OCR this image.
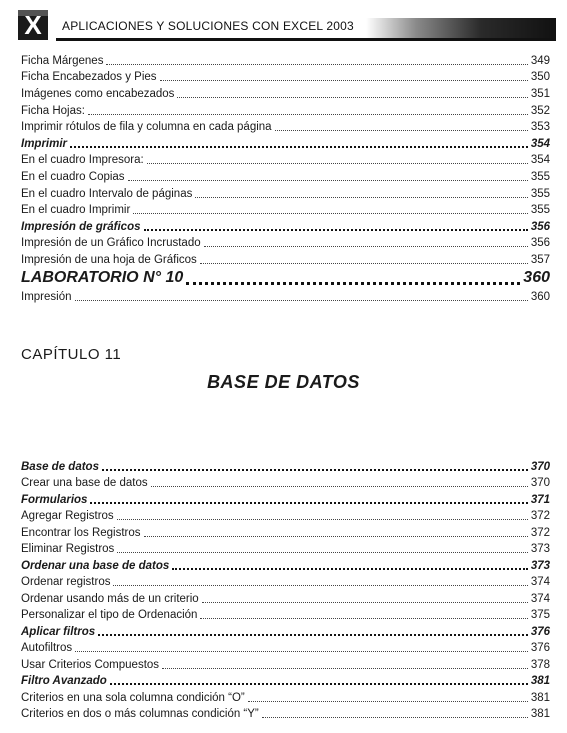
X APLICACIONES Y SOLUCIONES CON EXCEL 2003
Ficha Márgenes	349
Ficha Encabezados y Pies	350
Imágenes como encabezados	351
Ficha Hojas:	352
Imprimir rótulos de fila y columna en cada página	353
Imprimir	354
En el cuadro Impresora:	354
En el cuadro Copias	355
En el cuadro Intervalo de páginas	355
En el cuadro Imprimir	355
Impresión de gráficos	356
Impresión de un Gráfico Incrustado	356
Impresión de una hoja de Gráficos	357
LABORATORIO N° 10	360
Impresión	360
CAPÍTULO 11
BASE DE DATOS
Base de datos	370
Crear una base de datos	370
Formularios	371
Agregar Registros	372
Encontrar los Registros	372
Eliminar Registros	373
Ordenar una base de datos	373
Ordenar registros	374
Ordenar usando más de un criterio	374
Personalizar el tipo de Ordenación	375
Aplicar filtros	376
Autofiltros	376
Usar Criterios Compuestos	378
Filtro Avanzado	381
Criterios en una sola columna condición “O”	381
Criterios en dos o más columnas condición “Y”	381
